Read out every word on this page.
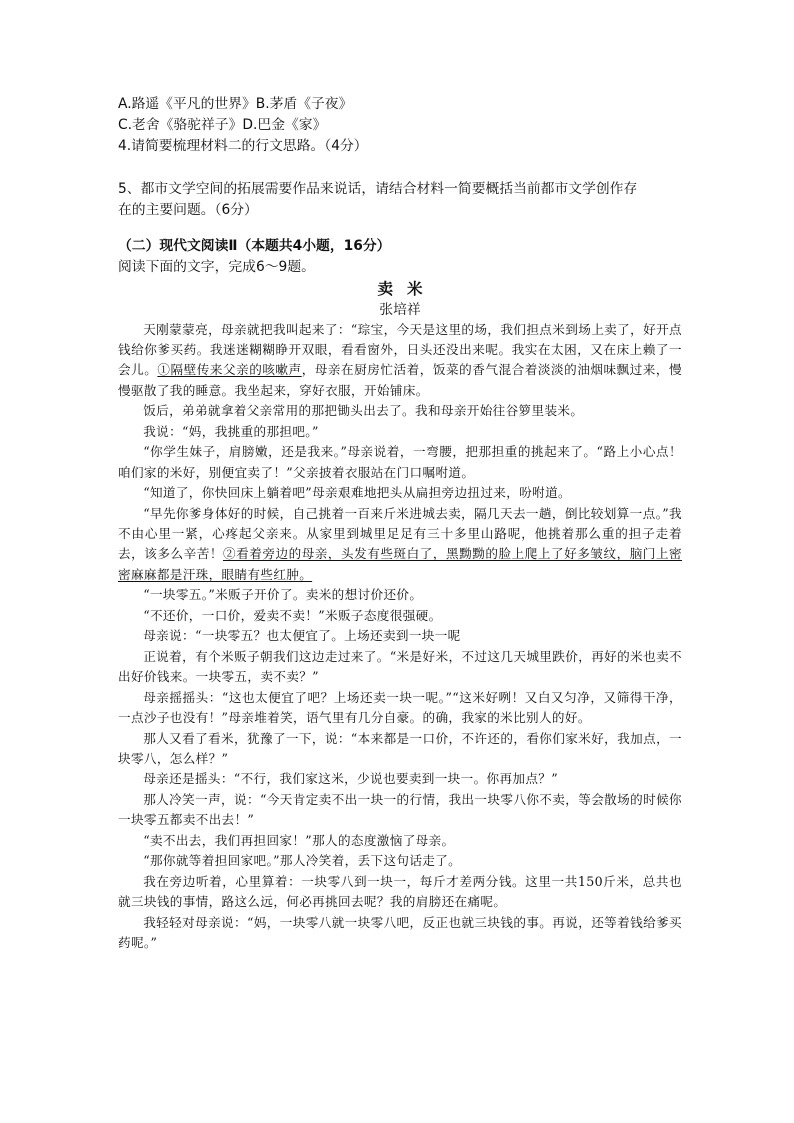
A.路遥《平凡的世界》B.茅盾《子夜》

C.老舍《骆驼祥子》D.巴金《家》

4.请简要梳理材料二的行文思路。（4分）

5、都市文学空间的拓展需要作品来说话，请结合材料一简要概括当前都市文学创作存

在的主要问题。（6分）

（二）现代文阅读Ⅱ（本题共4小题，16分）

阅读下面的文字，完成6～9题。

卖米
张培祥

天刚蒙蒙亮，母亲就把我叫起来了：“琮宝，今天是这里的场，我们担点米到场上卖了，好开点钱给你爹买药。我迷迷糊糊睁开双眼，看看窗外，日头还没出来呢。我实在太困，又在床上赖了一会儿。①隔壁传来父亲的咳嗽声，母亲在厨房忙活着，饭菜的香气混合着淡淡的油烟味飘过来，慢慢驱散了我的睡意。我坐起来，穿好衣服，开始铺床。

饭后，弟弟就拿着父亲常用的那把锄头出去了。我和母亲开始往谷箩里装米。

我说：“妈，我挑重的那担吧。”

“你学生妹子，肩膀嫩，还是我来。”母亲说着，一弯腰，把那担重的挑起来了。“路上小心点！咱们家的米好，别便宜卖了！”父亲披着衣服站在门口嘱咐道。

“知道了，你快回床上躺着吧”母亲艰难地把头从扁担旁边扭过来，吩咐道。

“早先你爹身体好的时候，自己挑着一百来斤米进城去卖，隔几天去一趟，倒比较划算一点。”我不由心里一紧，心疼起父亲来。从家里到城里足足有三十多里山路呢，他挑着那么重的担子走着去，该多么辛苦！②看着旁边的母亲，头发有些斑白了，黑黝黝的脸上爬上了好多皱纹，脑门上密密麻麻都是汗珠，眼睛有些红肿。

“一块零五。”米贩子开价了。卖米的想讨价还价。

“不还价，一口价，爱卖不卖！”米贩子态度很强硬。

母亲说：“一块零五？也太便宜了。上场还卖到一块一呢

正说着，有个米贩子朝我们这边走过来了。“米是好米，不过这几天城里跌价，再好的米也卖不出好价钱来。一块零五，卖不卖？”

母亲摇摇头：“这也太便宜了吧？上场还卖一块一呢。”“这米好咧！又白又匀净，又筛得干净，一点沙子也没有！”母亲堆着笑，语气里有几分自豪。的确，我家的米比别人的好。

那人又看了看米，犹豫了一下，说：“本来都是一口价，不许还的，看你们家米好，我加点，一块零八，怎么样？”

母亲还是摇头：“不行，我们家这米，少说也要卖到一块一。你再加点？”

那人冷笑一声，说：“今天肯定卖不出一块一的行情，我出一块零八你不卖，等会散场的时候你一块零五都卖不出去！”

“卖不出去，我们再担回家！”那人的态度激恼了母亲。

“那你就等着担回家吧。”那人冷笑着，丢下这句话走了。

我在旁边听着，心里算着：一块零八到一块一，每斤才差两分钱。这里一共150斤米，总共也就三块钱的事情，路这么远，何必再挑回去呢？我的肩膀还在痛呢。

我轻轻对母亲说：“妈，一块零八就一块零八吧，反正也就三块钱的事。再说，还等着钱给爹买药呢。”
